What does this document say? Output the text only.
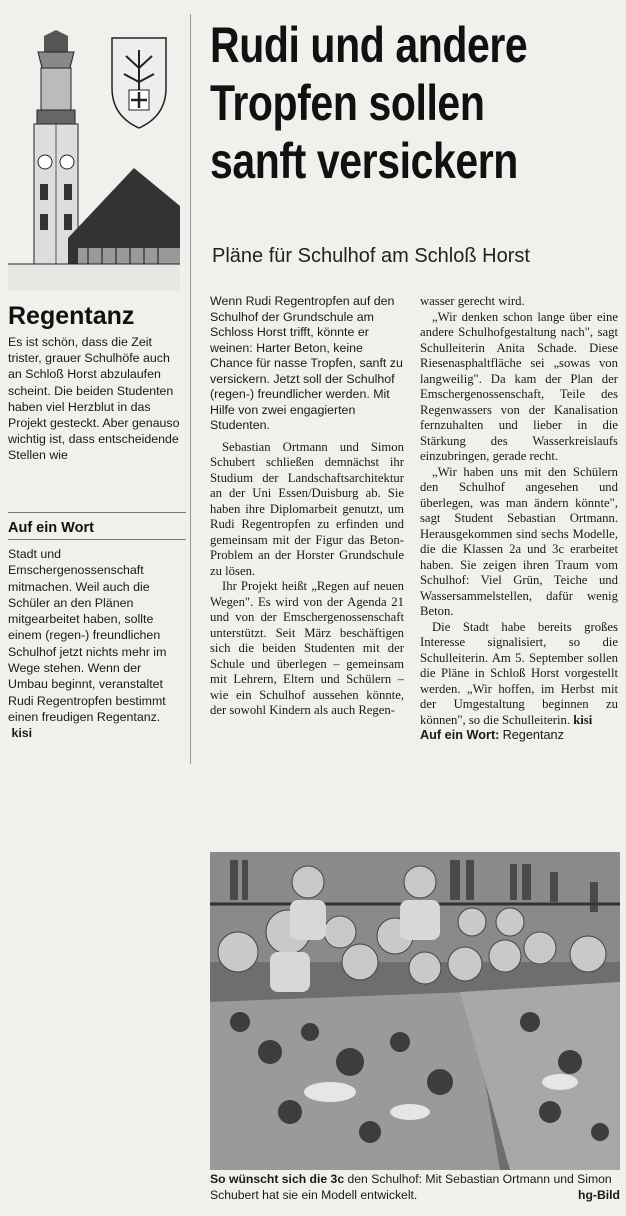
Regentanz

Es ist schön, dass die Zeit trister, grauer Schulhöfe auch an Schloß Horst abzulaufen scheint. Die beiden Studenten haben viel Herzblut in das Projekt gesteckt. Aber genauso wichtig ist, dass entscheidende Stellen wie

Auf ein Wort

Stadt und Emschergenossenschaft mitmachen. Weil auch die Schüler an den Plänen mitgearbeitet haben, sollte einem (regen-) freundlichen Schulhof jetzt nichts mehr im Wege stehen. Wenn der Umbau beginnt, veranstaltet Rudi Regentropfen bestimmt einen freudigen Regentanz.  kisi

Rudi und andere
Tropfen sollen
sanft versickern
Pläne für Schulhof am Schloß Horst

Wenn Rudi Regentropfen auf den Schulhof der Grundschule am Schloss Horst trifft, könnte er weinen: Harter Beton, keine Chance für nasse Tropfen, sanft zu versickern. Jetzt soll der Schulhof (regen-) freundlicher werden. Mit Hilfe von zwei engagierten Studenten.

Sebastian Ortmann und Simon Schubert schließen demnächst ihr Studium der Landschaftsarchitektur an der Uni Essen/Duisburg ab. Sie haben ihre Diplomarbeit genutzt, um Rudi Regentropfen zu erfinden und gemeinsam mit der Figur das Beton-Problem an der Horster Grundschule zu lösen.

Ihr Projekt heißt „Regen auf neuen Wegen". Es wird von der Agenda 21 und von der Emschergenossenschaft unterstützt. Seit März beschäftigen sich die beiden Studenten mit der Schule und überlegen – gemeinsam mit Lehrern, Eltern und Schülern – wie ein Schulhof aussehen könnte, der sowohl Kindern als auch Regen-

wasser gerecht wird.

„Wir denken schon lange über eine andere Schulhofgestaltung nach", sagt Schulleiterin Anita Schade. Diese Riesenasphaltfläche sei „sowas von langweilig". Da kam der Plan der Emschergenossenschaft, Teile des Regenwassers von der Kanalisation fernzuhalten und lieber in die Stärkung des Wasserkreislaufs einzubringen, gerade recht.

„Wir haben uns mit den Schülern den Schulhof angesehen und überlegen, was man ändern könnte", sagt Student Sebastian Ortmann. Herausgekommen sind sechs Modelle, die die Klassen 2a und 3c erarbeitet haben. Sie zeigen ihren Traum vom Schulhof: Viel Grün, Teiche und Wassersammelstellen, dafür wenig Beton.

Die Stadt habe bereits großes Interesse signalisiert, so die Schulleiterin. Am 5. September sollen die Pläne in Schloß Horst vorgestellt werden. „Wir hoffen, im Herbst mit der Umgestaltung beginnen zu können", so die Schulleiterin. kisi

Auf ein Wort: Regentanz

So wünscht sich die 3c den Schulhof: Mit Sebastian Ortmann und Simon Schubert hat sie ein Modell entwickelt.	hg-Bild
